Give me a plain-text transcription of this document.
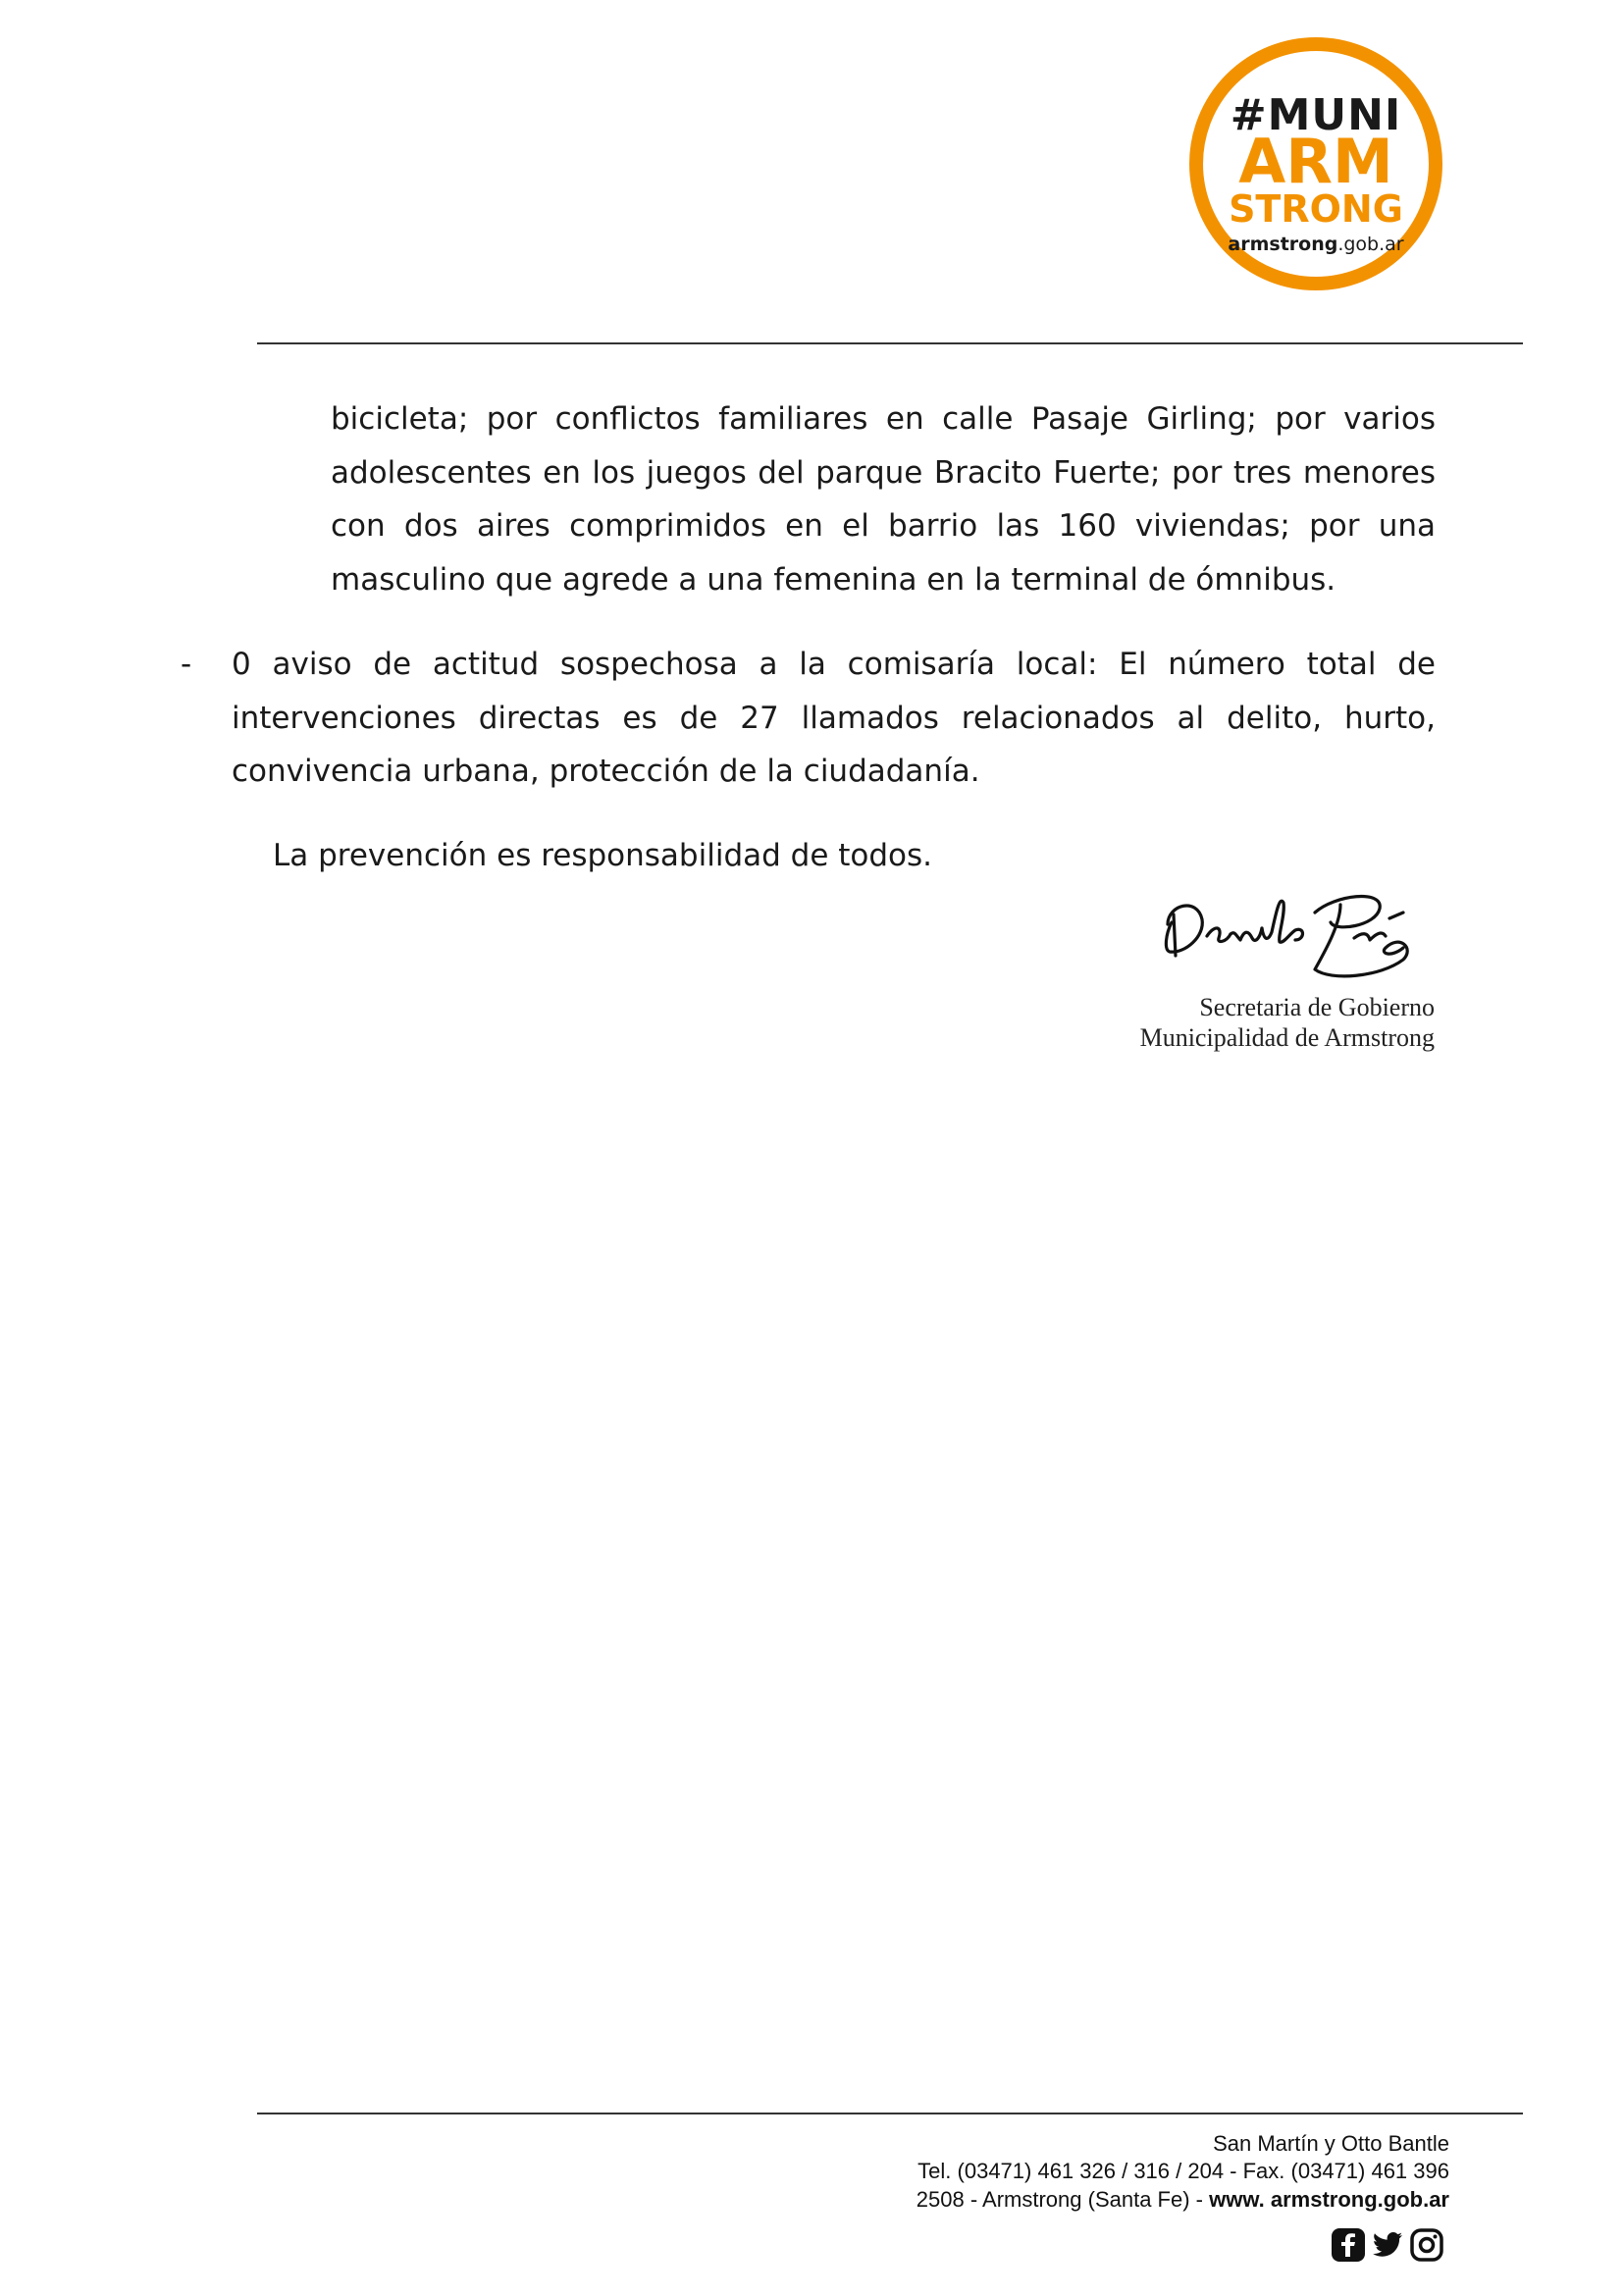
#MUNI
ARM
STRONG
armstrong.gob.ar
bicicleta; por conflictos familiares en calle Pasaje Girling; por varios adolescentes en los juegos del parque Bracito Fuerte; por tres menores con dos aires comprimidos en el barrio las 160 viviendas; por una masculino que agrede a una femenina en la terminal de ómnibus.
- 0 aviso de actitud sospechosa a la comisaría local: El número total de intervenciones directas es de 27 llamados relacionados al delito, hurto, convivencia urbana, protección de la ciudadanía.
La prevención es responsabilidad de todos.
Secretaria de Gobierno
Municipalidad de Armstrong
San Martín y Otto Bantle
Tel. (03471) 461 326 / 316 / 204 - Fax. (03471) 461 396
2508 - Armstrong (Santa Fe) - www. armstrong.gob.ar
